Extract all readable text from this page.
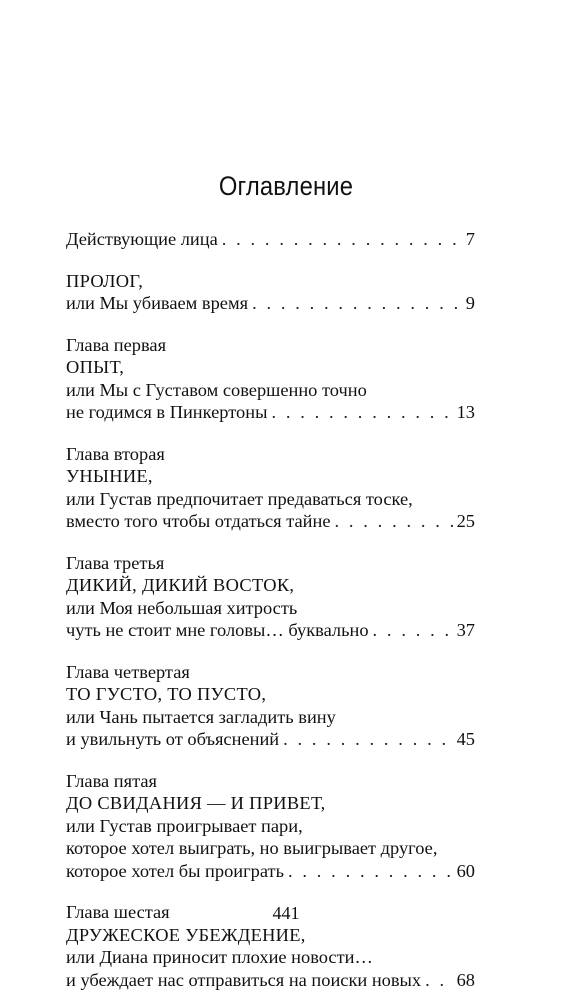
Оглавление
Действующие лица . . .	7
ПРОЛОГ,
или Мы убиваем время . . .	9
Глава первая
ОПЫТ,
или Мы с Густавом совершенно точно
не годимся в Пинкертоны . . .	13
Глава вторая
УНЫНИЕ,
или Густав предпочитает предаваться тоске,
вместо того чтобы отдаться тайне . . .	25
Глава третья
ДИКИЙ, ДИКИЙ ВОСТОК,
или Моя небольшая хитрость
чуть не стоит мне головы… буквально . . .	37
Глава четвертая
ТО ГУСТО, ТО ПУСТО,
или Чань пытается загладить вину
и увильнуть от объяснений . . .	45
Глава пятая
ДО СВИДАНИЯ — И ПРИВЕТ,
или Густав проигрывает пари,
которое хотел выиграть, но выигрывает другое,
которое хотел бы проиграть . . .	60
Глава шестая
ДРУЖЕСКОЕ УБЕЖДЕНИЕ,
или Диана приносит плохие новости…
и убеждает нас отправиться на поиски новых . . . 68
441
